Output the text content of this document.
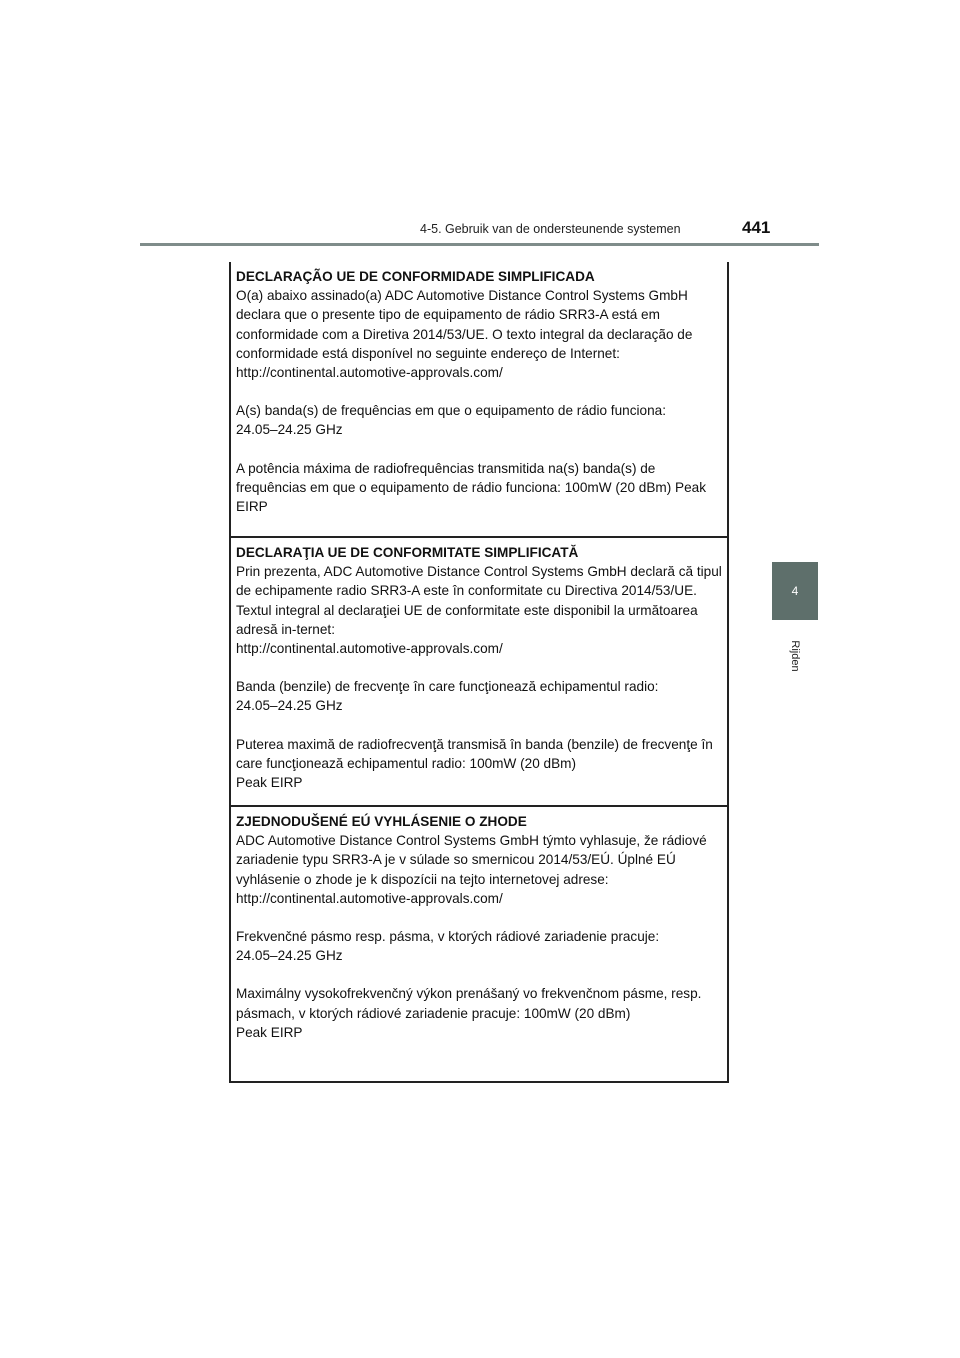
4-5. Gebruik van de ondersteunende systemen	441
4
Rijden

DECLARAÇÃO UE DE CONFORMIDADE SIMPLIFICADA

O(a) abaixo assinado(a) ADC Automotive Distance Control Systems GmbH declara que o presente tipo de equipamento de rádio SRR3-A está em conformidade com a Diretiva 2014/53/UE. O texto integral da declaração de conformidade está disponível no seguinte endereço de Internet:
http://continental.automotive-approvals.com/

A(s) banda(s) de frequências em que o equipamento de rádio funciona:
24.05–24.25 GHz

A potência máxima de radiofrequências transmitida na(s) banda(s) de frequências em que o equipamento de rádio funciona: 100mW (20 dBm) Peak EIRP

DECLARAŢIA UE DE CONFORMITATE SIMPLIFICATĂ

Prin prezenta, ADC Automotive Distance Control Systems GmbH declară că tipul de echipamente radio SRR3-A este în conformitate cu Directiva 2014/53/UE. Textul integral al declaraţiei UE de conformitate este disponibil la următoarea adresă in-ternet:
http://continental.automotive-approvals.com/

Banda (benzile) de frecvenţe în care funcţionează echipamentul radio:
24.05–24.25 GHz

Puterea maximă de radiofrecvenţă transmisă în banda (benzile) de frecvenţe în care funcţionează echipamentul radio: 100mW (20 dBm)
Peak EIRP

ZJEDNODUŠENÉ EÚ VYHLÁSENIE O ZHODE

ADC Automotive Distance Control Systems GmbH týmto vyhlasuje, že rádiové zariadenie typu SRR3-A je v súlade so smernicou 2014/53/EÚ. Úplné EÚ vyhlásenie o zhode je k dispozícii na tejto internetovej adrese:
http://continental.automotive-approvals.com/

Frekvenčné pásmo resp. pásma, v ktorých rádiové zariadenie pracuje:
24.05–24.25 GHz

Maximálny vysokofrekvenčný výkon prenášaný vo frekvenčnom pásme, resp. pásmach, v ktorých rádiové zariadenie pracuje: 100mW (20 dBm)
Peak EIRP
